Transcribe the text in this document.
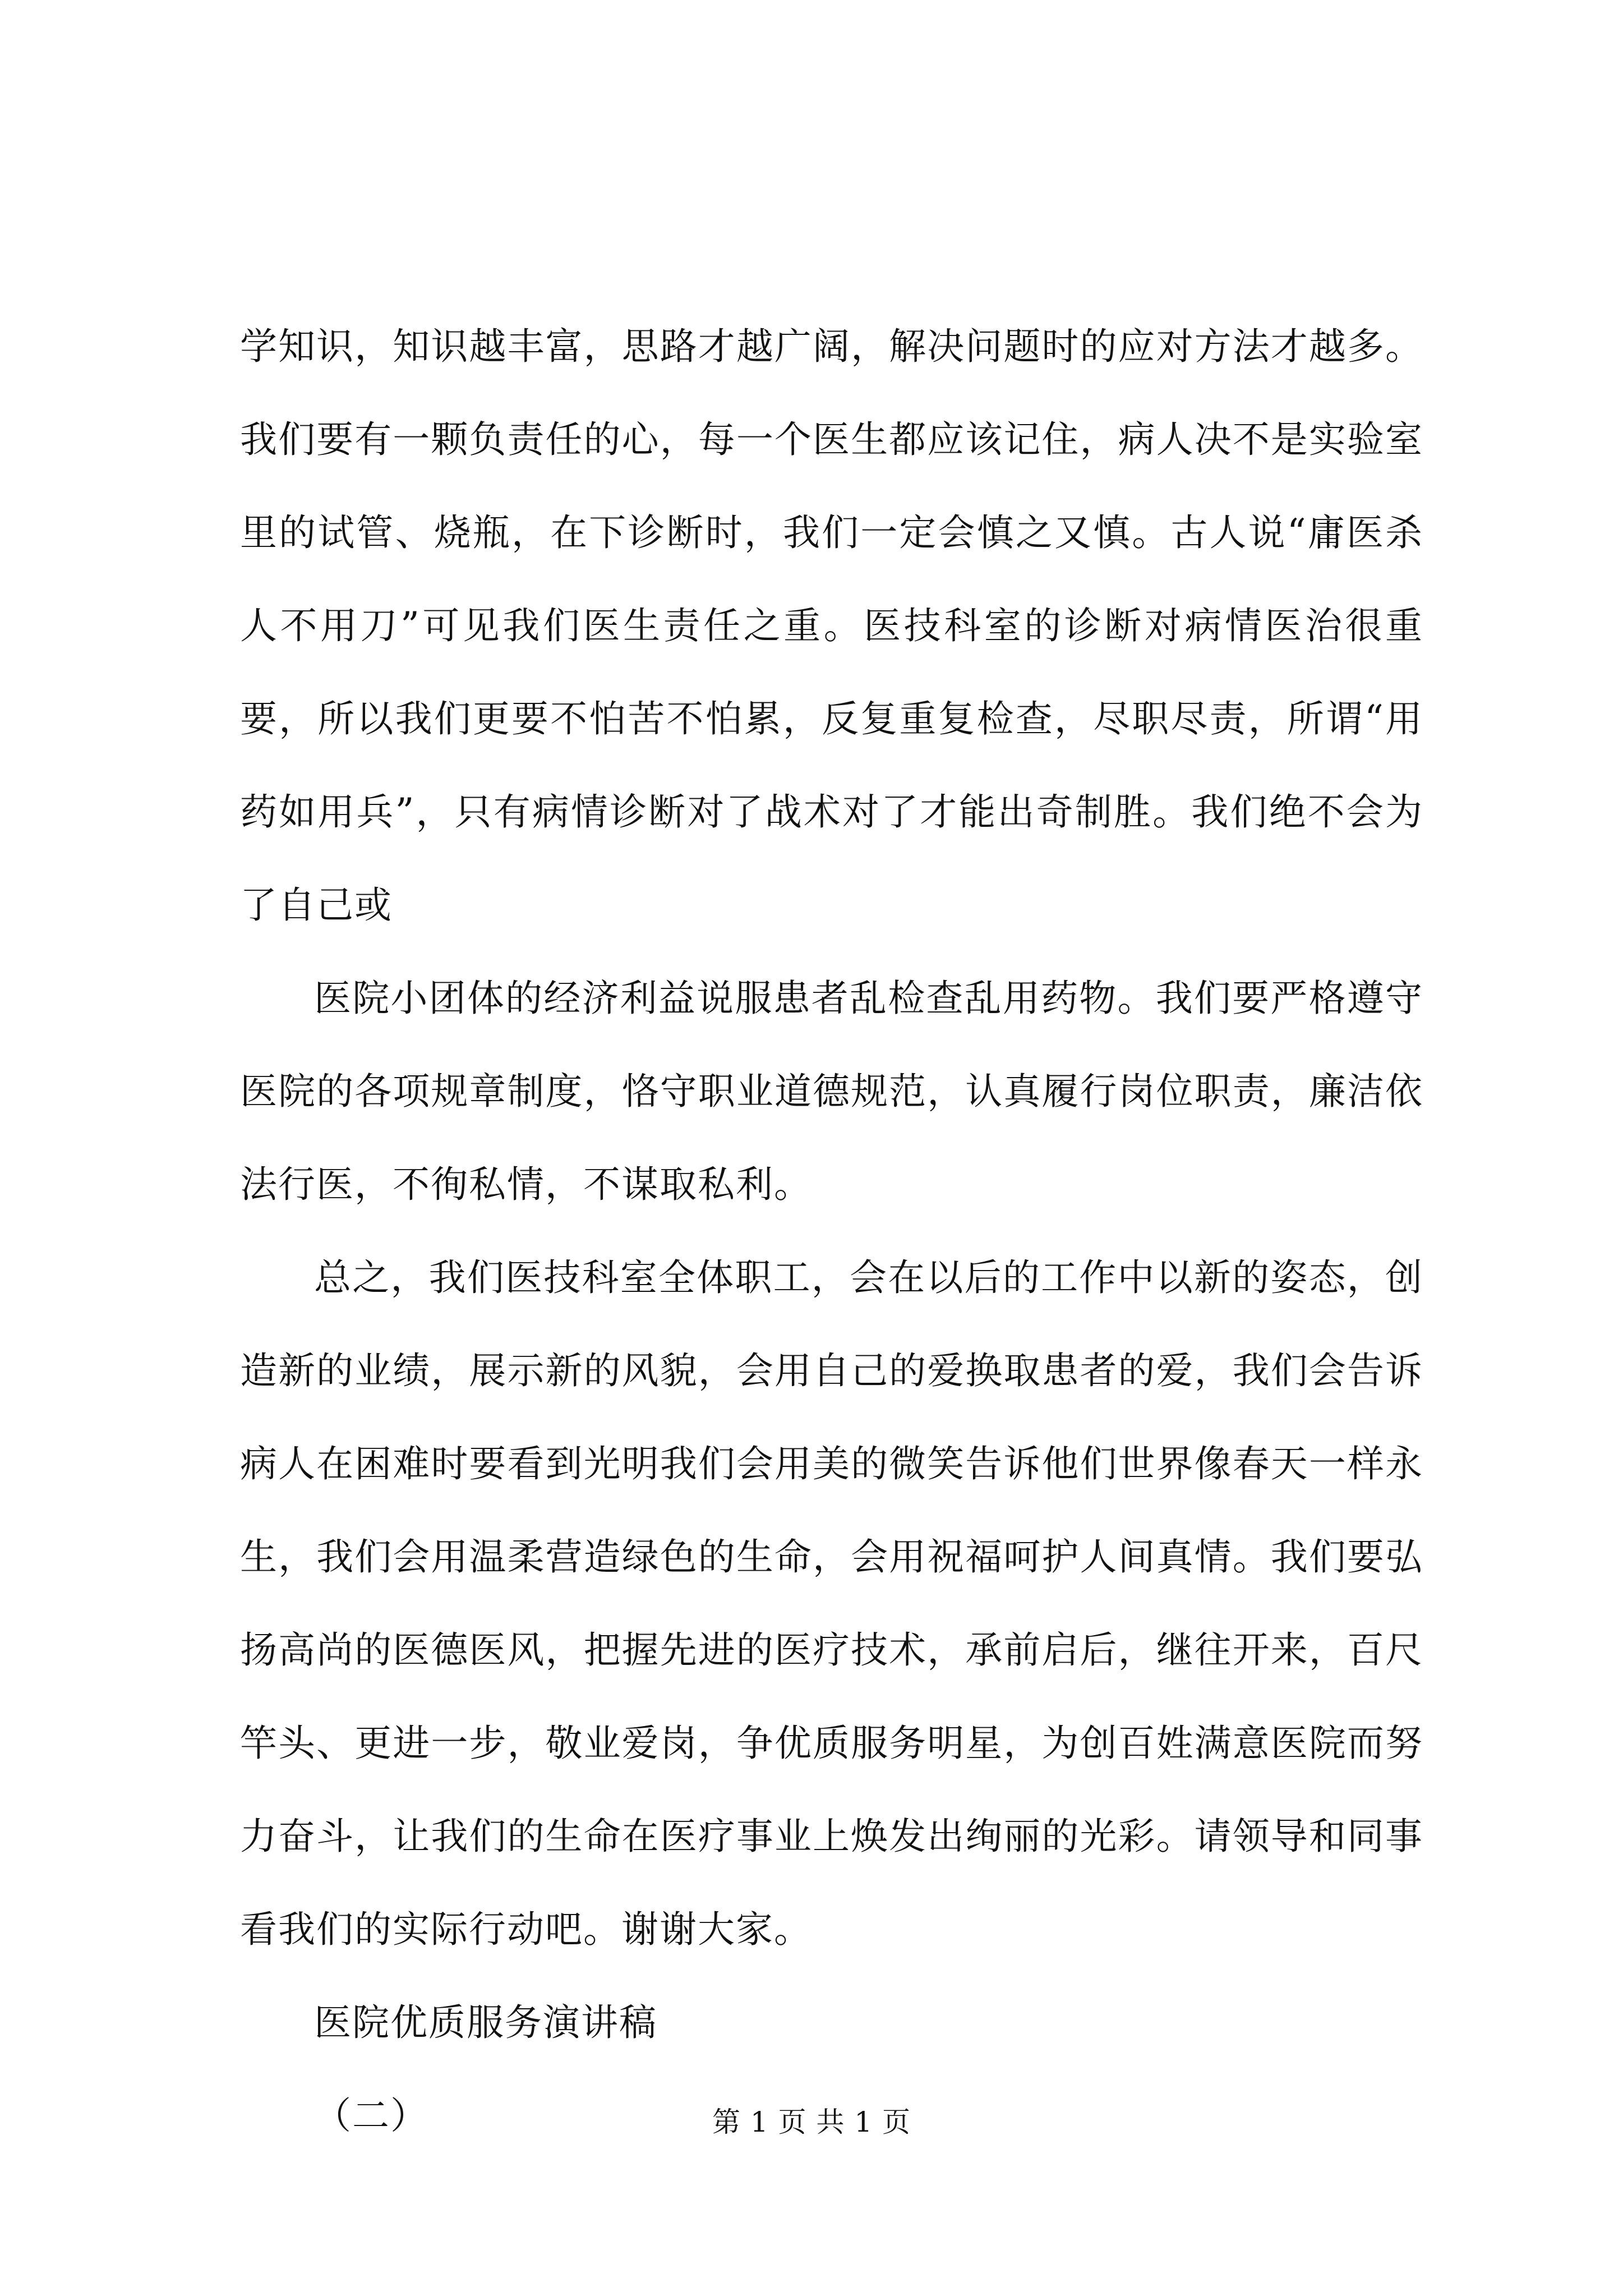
学知识，知识越丰富，思路才越广阔，解决问题时的应对方法才越多。我们要有一颗负责任的心，每一个医生都应该记住，病人决不是实验室里的试管、烧瓶，在下诊断时，我们一定会慎之又慎。古人说“庸医杀人不用刀”可见我们医生责任之重。医技科室的诊断对病情医治很重要，所以我们更要不怕苦不怕累，反复重复检查，尽职尽责，所谓“用药如用兵”，只有病情诊断对了战术对了才能出奇制胜。我们绝不会为了自己或

医院小团体的经济利益说服患者乱检查乱用药物。我们要严格遵守医院的各项规章制度，恪守职业道德规范，认真履行岗位职责，廉洁依法行医，不徇私情，不谋取私利。

总之，我们医技科室全体职工，会在以后的工作中以新的姿态，创造新的业绩，展示新的风貌，会用自己的爱换取患者的爱，我们会告诉病人在困难时要看到光明我们会用美的微笑告诉他们世界像春天一样永生，我们会用温柔营造绿色的生命，会用祝福呵护人间真情。我们要弘扬高尚的医德医风，把握先进的医疗技术，承前启后，继往开来，百尺竿头、更进一步，敬业爱岗，争优质服务明星，为创百姓满意医院而努力奋斗，让我们的生命在医疗事业上焕发出绚丽的光彩。请领导和同事看我们的实际行动吧。谢谢大家。

医院优质服务演讲稿

（二）	第 1 页 共 1 页
